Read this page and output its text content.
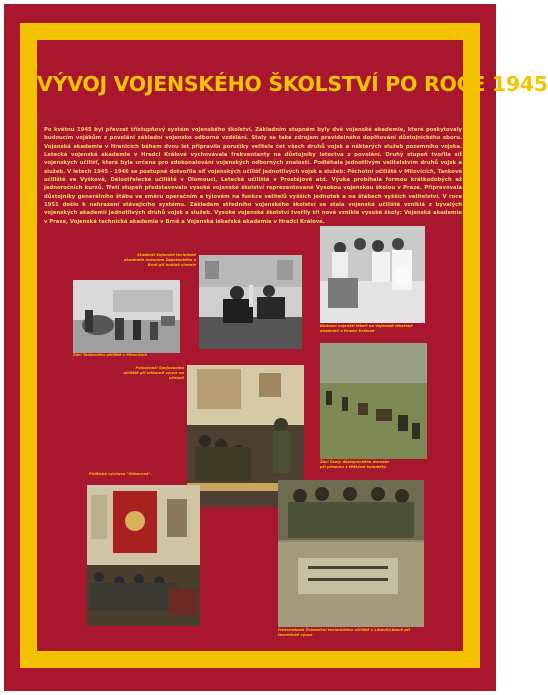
VÝVOJ VOJENSKÉHO ŠKOLSTVÍ PO ROCE 1945
Po květnu 1945 byl převzat třístupňový systém vojenského školství. Základním stupněm byly dvě vojenské akademie, které poskytovaly budoucím vojákům z povolání základní vojensko odborné vzdělání. Staly se také zdrojem pravidelného doplňování důstojnického sboru. Vojenská akademie v Hranicích během dvou let připravila poručíky velitele čet všech druhů vojsk a některých služeb pozemního vojska. Letecká vojenská akademie v Hradci Králové vychovávala frekventanty na důstojníky letectva z povolání. Druhý stupeň tvořila síť vojenských učilišť, která byla určena pro zdokonalování vojenských odborných znalostí. Podléhala jednotlivým velitelstvím druhů vojsk a služeb. V letech 1945 - 1946 se postupně dotvořila síť vojenských učilišť jednotlivých vojsk a služeb: Pěchotní učiliště v Milovicích, Tankové učiliště ve Vyškově, Dělostřelecké učiliště v Olomouci, Letecké učiliště v Prostějově atd. Výuka probíhala formou krátkodobých až jednoročních kurzů. Třetí stupeň představovalo vysoké vojenské školství reprezentované Vysokou vojenskou školou v Praze. Připravovala důstojníky generálního štábu ve směru operačním a týlovém na funkce velitelů vyšších jednotek a na štábech vyšších velitelství. V roce 1951 došlo k nahrazení stávajícího systému. Základem středního vojenského školství se stala vojenská učiliště vzniklá z bývalých vojenských akademií jednotlivých druhů vojsk a služeb. Vysoké vojenské školství tvořily tři nové vzniklé vysoké školy: Vojenská akademie v Praze, Vojenská technická akademie v Brně a Vojenská lékařská akademie v Hradci Králové.
Studenti Vojenské technické akademie Antonína Zápotockého v Brně při hodině chemie
Žáci Tankového učiliště v Milovicích
Budoucí vojenští lékaři na Vojenské lékařské akademii v Hradci Králové
Posluchači Spojovacího učiliště při odborné výuce na učebně
Žáci Školy důstojnického dorostu při přesunu s těžkými kulomety.
Politická výchova "Stiborová".
Frekventanti Železniční technického učiliště v Libavě/Libavé při teoretické výuce
